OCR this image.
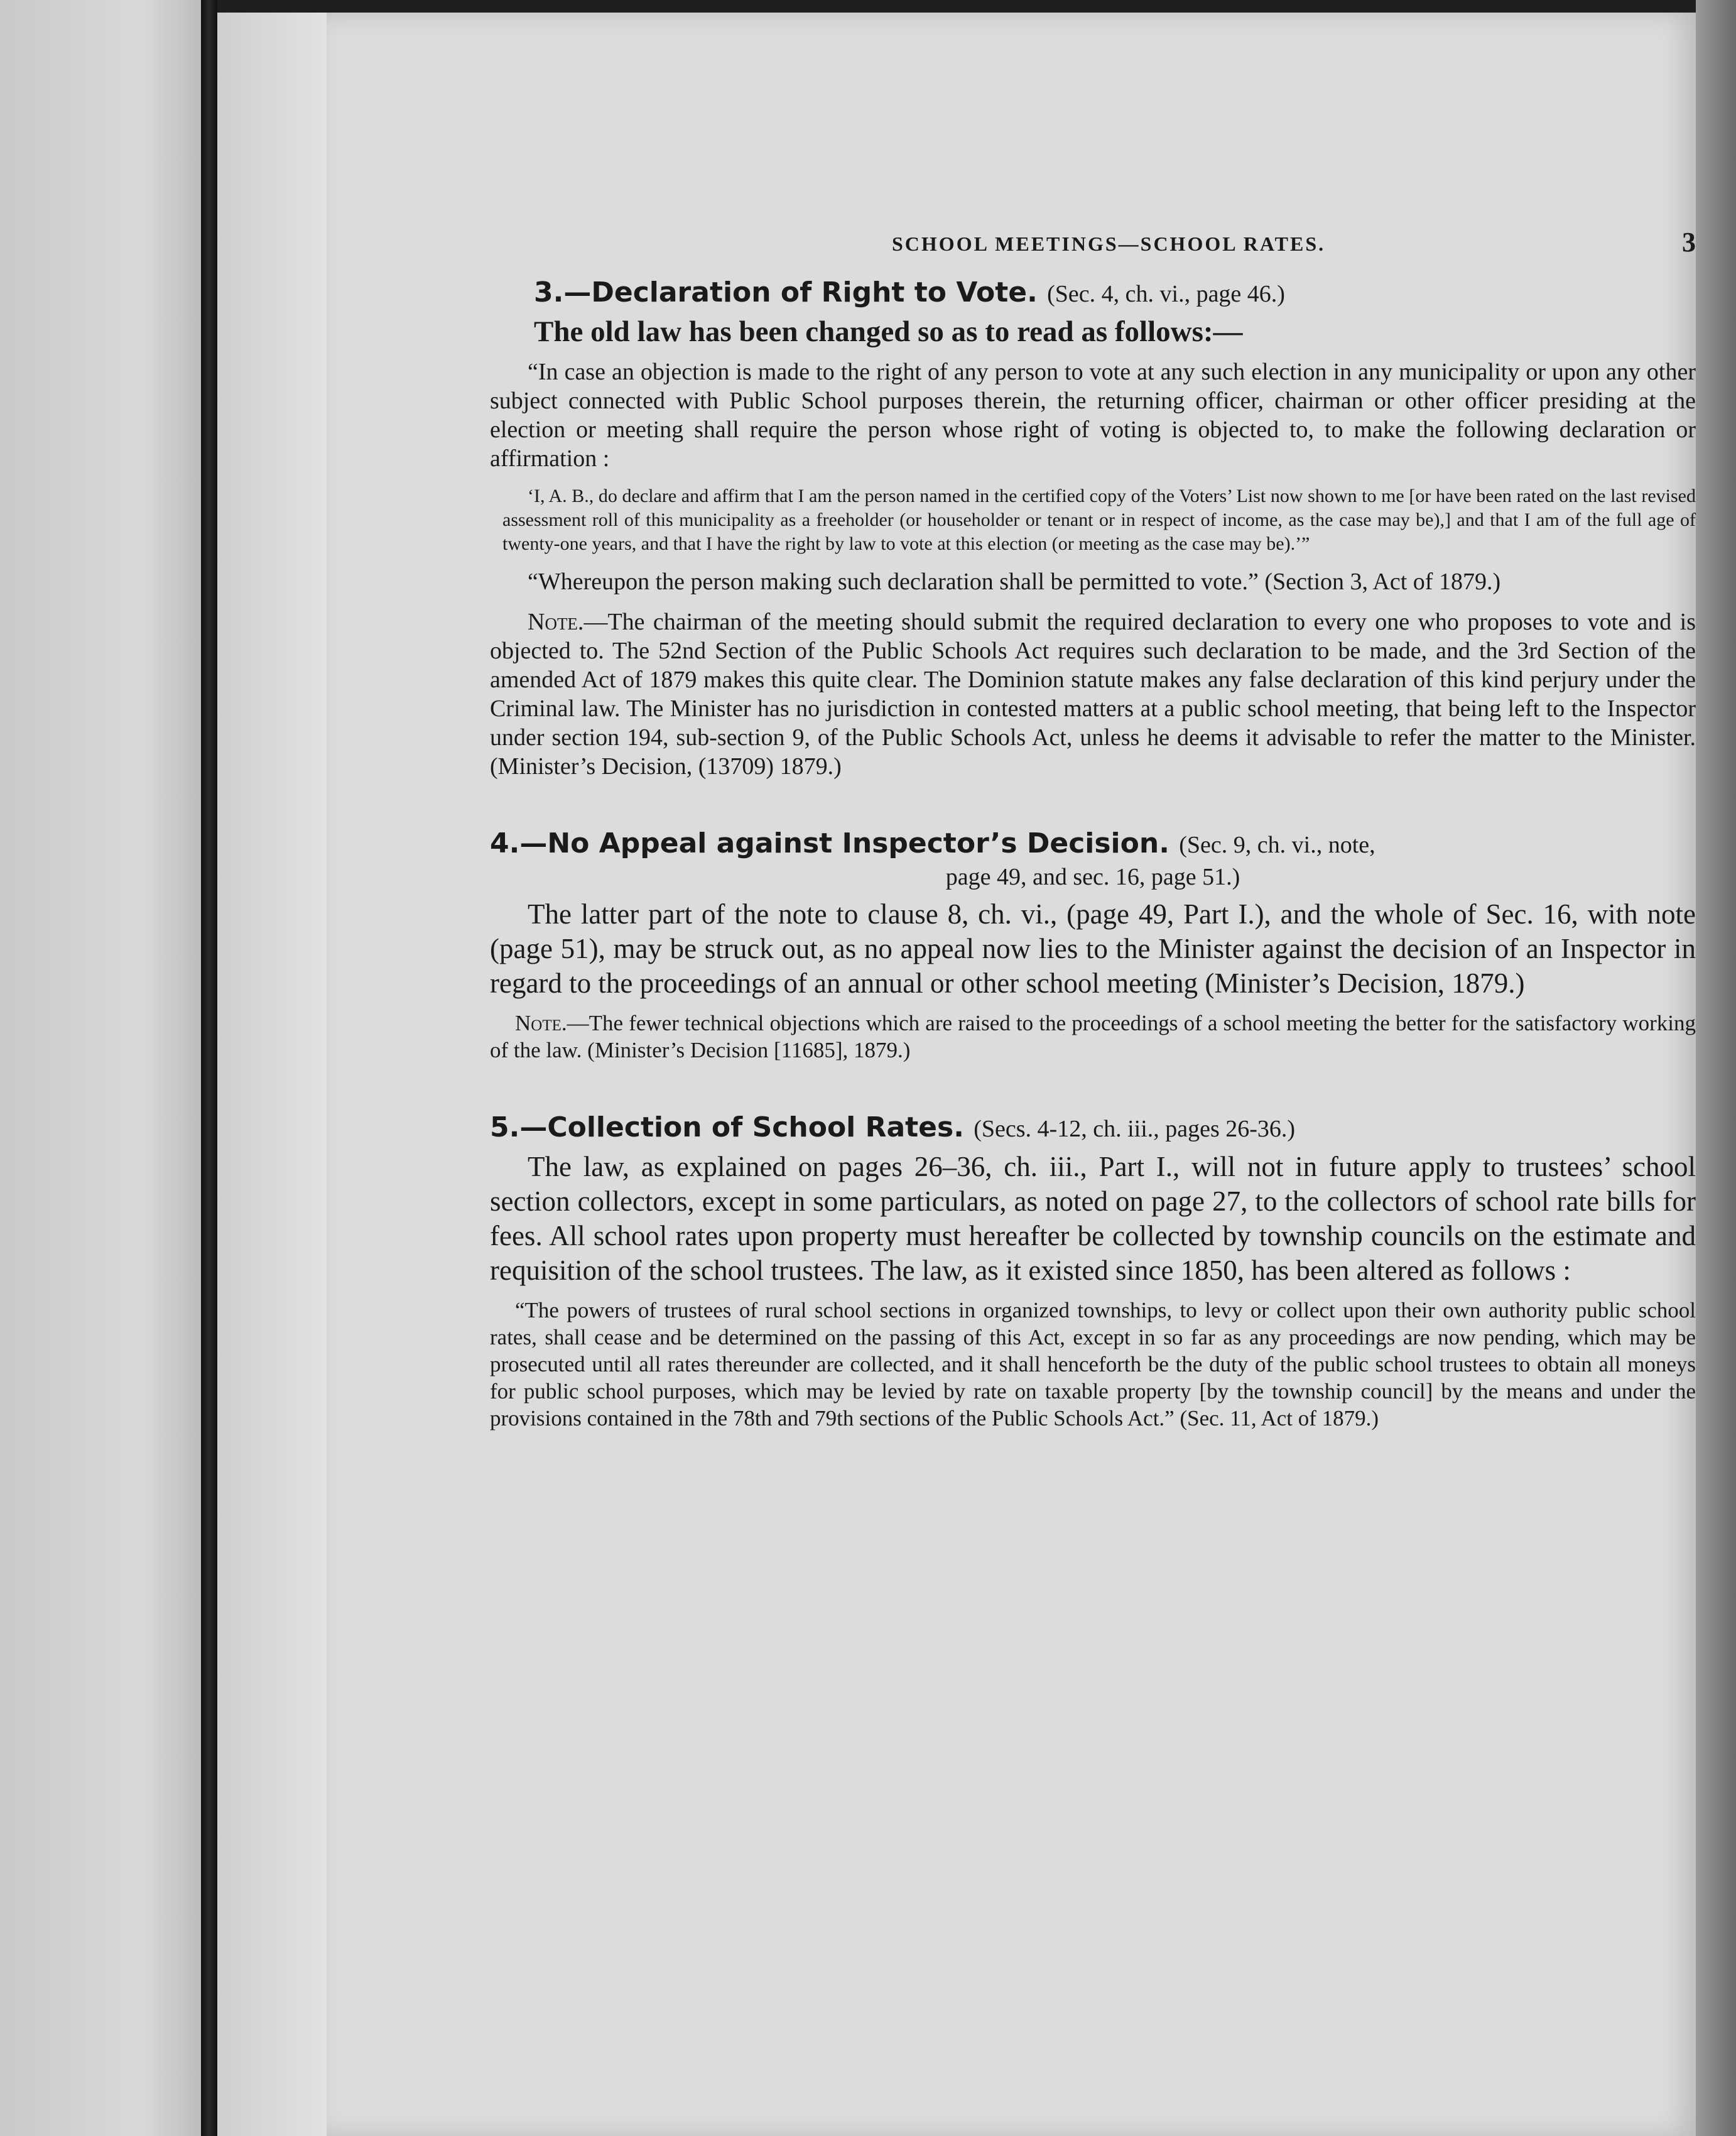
SCHOOL MEETINGS—SCHOOL RATES.	3
3.—Declaration of Right to Vote. (Sec. 4, ch. vi., page 46.)

The old law has been changed so as to read as follows:—

“In case an objection is made to the right of any person to vote at any such election in any municipality or upon any other subject connected with Public School purposes therein, the returning officer, chairman or other officer presiding at the election or meeting shall require the person whose right of voting is objected to, to make the following declaration or affirmation :

‘I, A. B., do declare and affirm that I am the person named in the certified copy of the Voters’ List now shown to me [or have been rated on the last revised assessment roll of this municipality as a freeholder (or householder or tenant or in respect of income, as the case may be),] and that I am of the full age of twenty-one years, and that I have the right by law to vote at this election (or meeting as the case may be).’”

“Whereupon the person making such declaration shall be permitted to vote.” (Section 3, Act of 1879.)

Note.—The chairman of the meeting should submit the required declaration to every one who proposes to vote and is objected to. The 52nd Section of the Public Schools Act requires such declaration to be made, and the 3rd Section of the amended Act of 1879 makes this quite clear. The Dominion statute makes any false declaration of this kind perjury under the Criminal law. The Minister has no jurisdiction in contested matters at a public school meeting, that being left to the Inspector under section 194, sub-section 9, of the Public Schools Act, unless he deems it advisable to refer the matter to the Minister. (Minister’s Decision, (13709) 1879.)

4.—No Appeal against Inspector’s Decision. (Sec. 9, ch. vi., note,
page 49, and sec. 16, page 51.)

The latter part of the note to clause 8, ch. vi., (page 49, Part I.), and the whole of Sec. 16, with note (page 51), may be struck out, as no appeal now lies to the Minister against the decision of an Inspector in regard to the proceedings of an annual or other school meeting (Minister’s Decision, 1879.)

Note.—The fewer technical objections which are raised to the proceedings of a school meeting the better for the satisfactory working of the law. (Minister’s Decision [11685], 1879.)

5.—Collection of School Rates. (Secs. 4-12, ch. iii., pages 26-36.)

The law, as explained on pages 26–36, ch. iii., Part I., will not in future apply to trustees’ school section collectors, except in some particulars, as noted on page 27, to the collectors of school rate bills for fees. All school rates upon property must hereafter be collected by township councils on the estimate and requisition of the school trustees. The law, as it existed since 1850, has been altered as follows :

“The powers of trustees of rural school sections in organized townships, to levy or collect upon their own authority public school rates, shall cease and be determined on the passing of this Act, except in so far as any proceedings are now pending, which may be prosecuted until all rates thereunder are collected, and it shall henceforth be the duty of the public school trustees to obtain all moneys for public school purposes, which may be levied by rate on taxable property [by the township council] by the means and under the provisions contained in the 78th and 79th sections of the Public Schools Act.” (Sec. 11, Act of 1879.)
